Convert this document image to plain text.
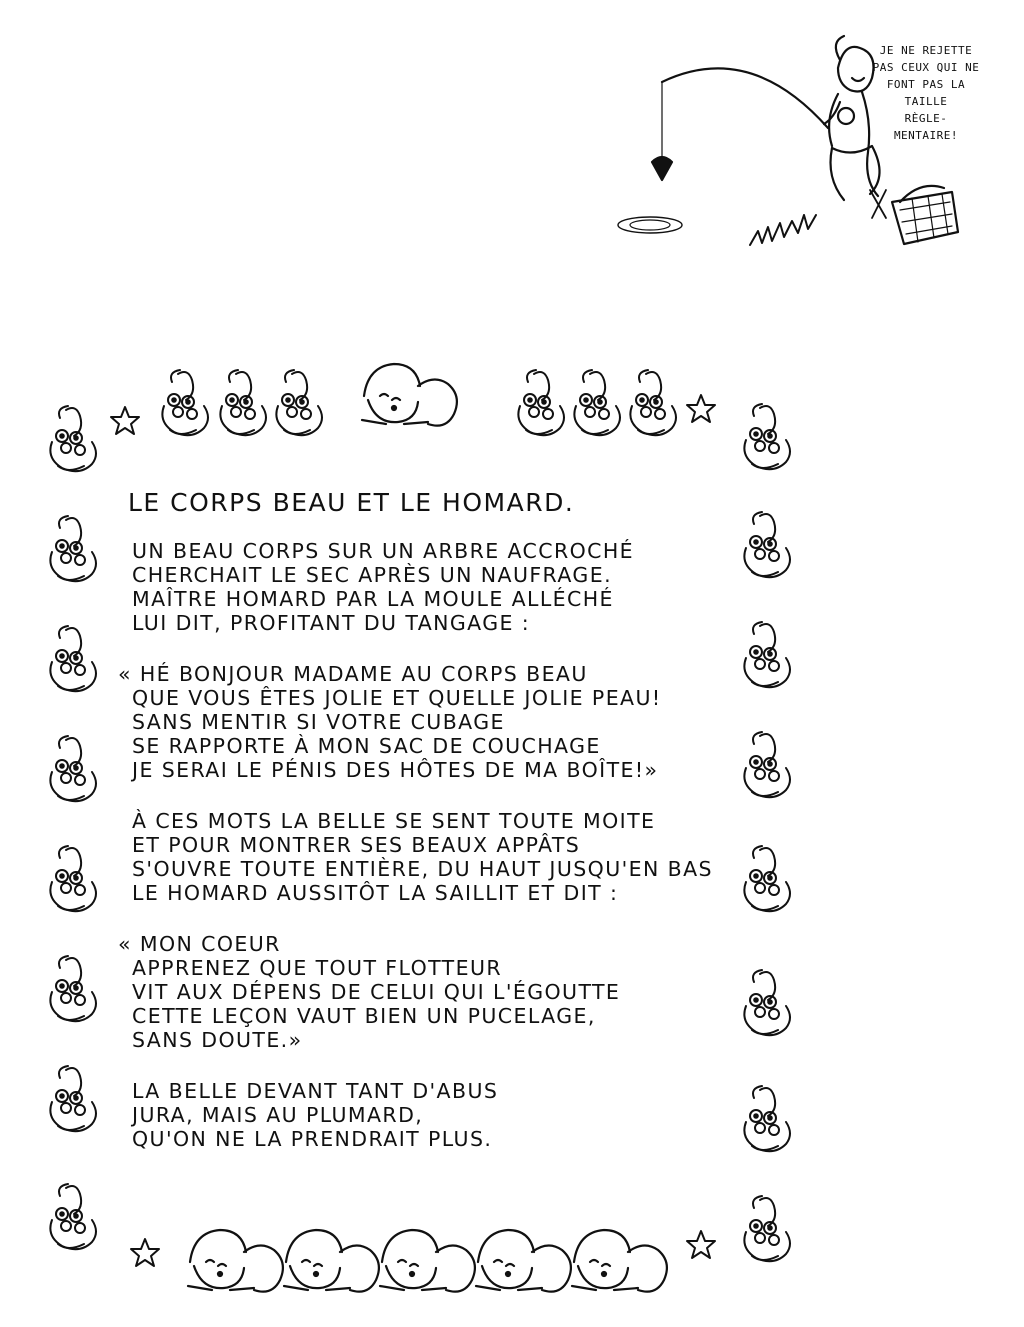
JE NE REJETTE
PAS CEUX QUI NE
FONT PAS LA
TAILLE
RÈGLE-
MENTAIRE!
LE CORPS BEAU ET LE HOMARD.
UN BEAU CORPS SUR UN ARBRE ACCROCHÉ
CHERCHAIT LE SEC APRÈS UN NAUFRAGE.
MAÎTRE HOMARD PAR LA MOULE ALLÉCHÉ
LUI DIT, PROFITANT DU TANGAGE :
« HÉ BONJOUR MADAME AU CORPS BEAU
QUE VOUS ÊTES JOLIE ET QUELLE JOLIE PEAU!
SANS MENTIR SI VOTRE CUBAGE
SE RAPPORTE À MON SAC DE COUCHAGE
JE SERAI LE PÉNIS DES HÔTES DE MA BOÎTE!»
À CES MOTS LA BELLE SE SENT TOUTE MOITE
ET POUR MONTRER SES BEAUX APPÂTS
S'OUVRE TOUTE ENTIÈRE, DU HAUT JUSQU'EN BAS
LE HOMARD AUSSITÔT LA SAILLIT ET DIT :
« MON COEUR
APPRENEZ QUE TOUT FLOTTEUR
VIT AUX DÉPENS DE CELUI QUI L'ÉGOUTTE
CETTE LEÇON VAUT BIEN UN PUCELAGE,
SANS DOUTE.»
LA BELLE DEVANT TANT D'ABUS
JURA, MAIS AU PLUMARD,
QU'ON NE LA PRENDRAIT PLUS.
